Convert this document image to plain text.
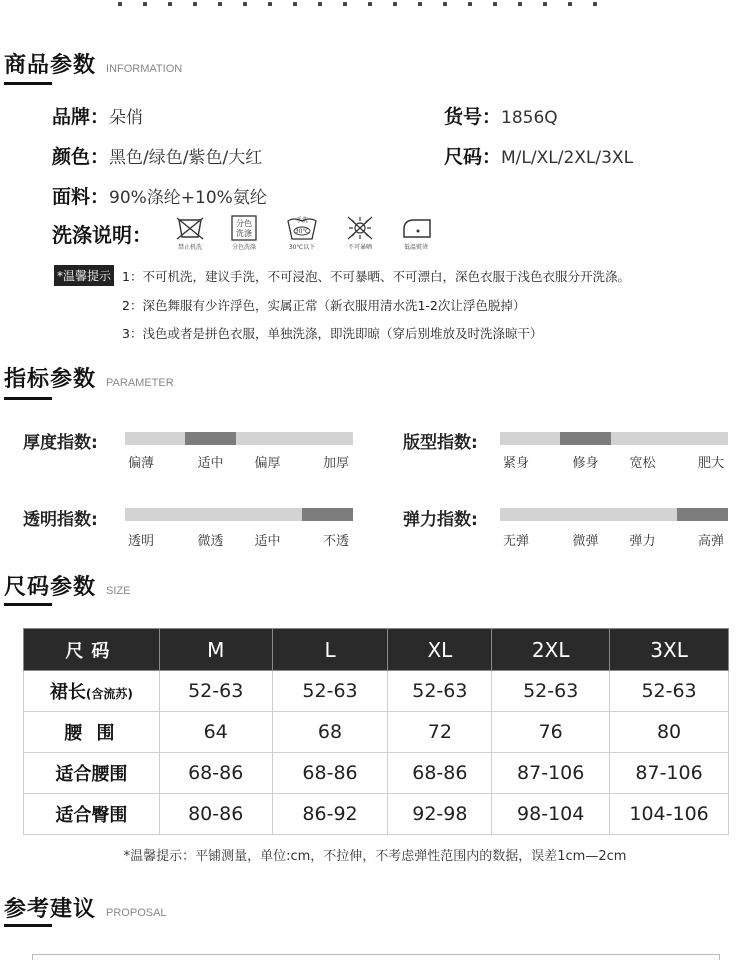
商品参数 INFORMATION
品牌：朵俏	货号：1856Q
颜色：黑色/绿色/紫色/大红	尺码：M/L/XL/2XL/3XL
面料：90%涤纶+10%氨纶
洗涤说明：
禁止机洗
分色
洗涤
分色洗涤
手洗
30℃
30℃以下	不可暴晒	低温熨烫
*温馨提示 1：不可机洗，建议手洗，不可浸泡、不可暴晒、不可漂白，深色衣服于浅色衣服分开洗涤。
2：深色舞服有少许浮色，实属正常（新衣服用清水洗1-2次让浮色脱掉）
3：浅色或者是拼色衣服，单独洗涤，即洗即晾（穿后别堆放及时洗涤晾干）
指标参数 PARAMETER
厚度指数:
偏薄	适中 偏厚	加厚
版型指数:
紧身	修身 宽松	肥大
透明指数:
透明	微透 适中	不透
弹力指数:
无弹	微弹 弹力	高弹
尺码参数 SIZE
尺码	M	L	XL	2XL	3XL
裙长(含流苏)	52-63	52-63	52-63	52-63	52-63
腰 围	64	68	72	76	80
适合腰围	68-86	68-86	68-86	87-106	87-106
适合臀围	80-86	86-92	92-98	98-104	104-106
*温馨提示：平铺测量，单位:cm，不拉伸，不考虑弹性范围内的数据，误差1cm—2cm
参考建议 PROPOSAL
